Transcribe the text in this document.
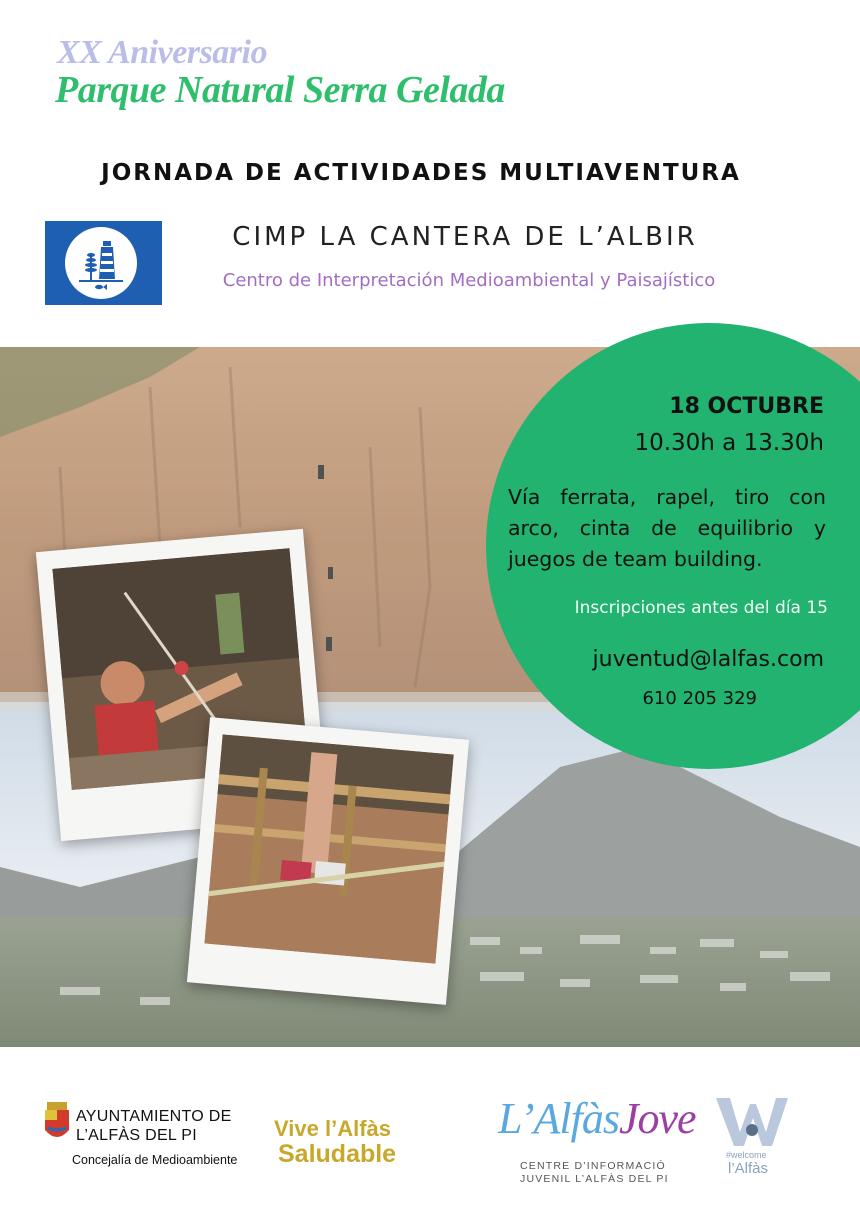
XX Aniversario
Parque Natural Serra Gelada
JORNADA DE ACTIVIDADES MULTIAVENTURA
CIMP LA CANTERA DE L’ALBIR
Centro de Interpretación Medioambiental y Paisajístico
18 OCTUBRE
10.30h a 13.30h
Vía ferrata, rapel, tiro con arco, cinta de equilibrio y juegos de team building.
Inscripciones antes del día 15
juventud@lalfas.com
610 205 329
AYUNTAMIENTO DE
L’ALFÀS DEL PI
Concejalía de Medioambiente
Vive l’Alfàs
Saludable
L’AlfàsJove
CENTRE D’INFORMACIÓ
JUVENIL L’ALFÀS DEL PI
#welcome
l’Alfàs
